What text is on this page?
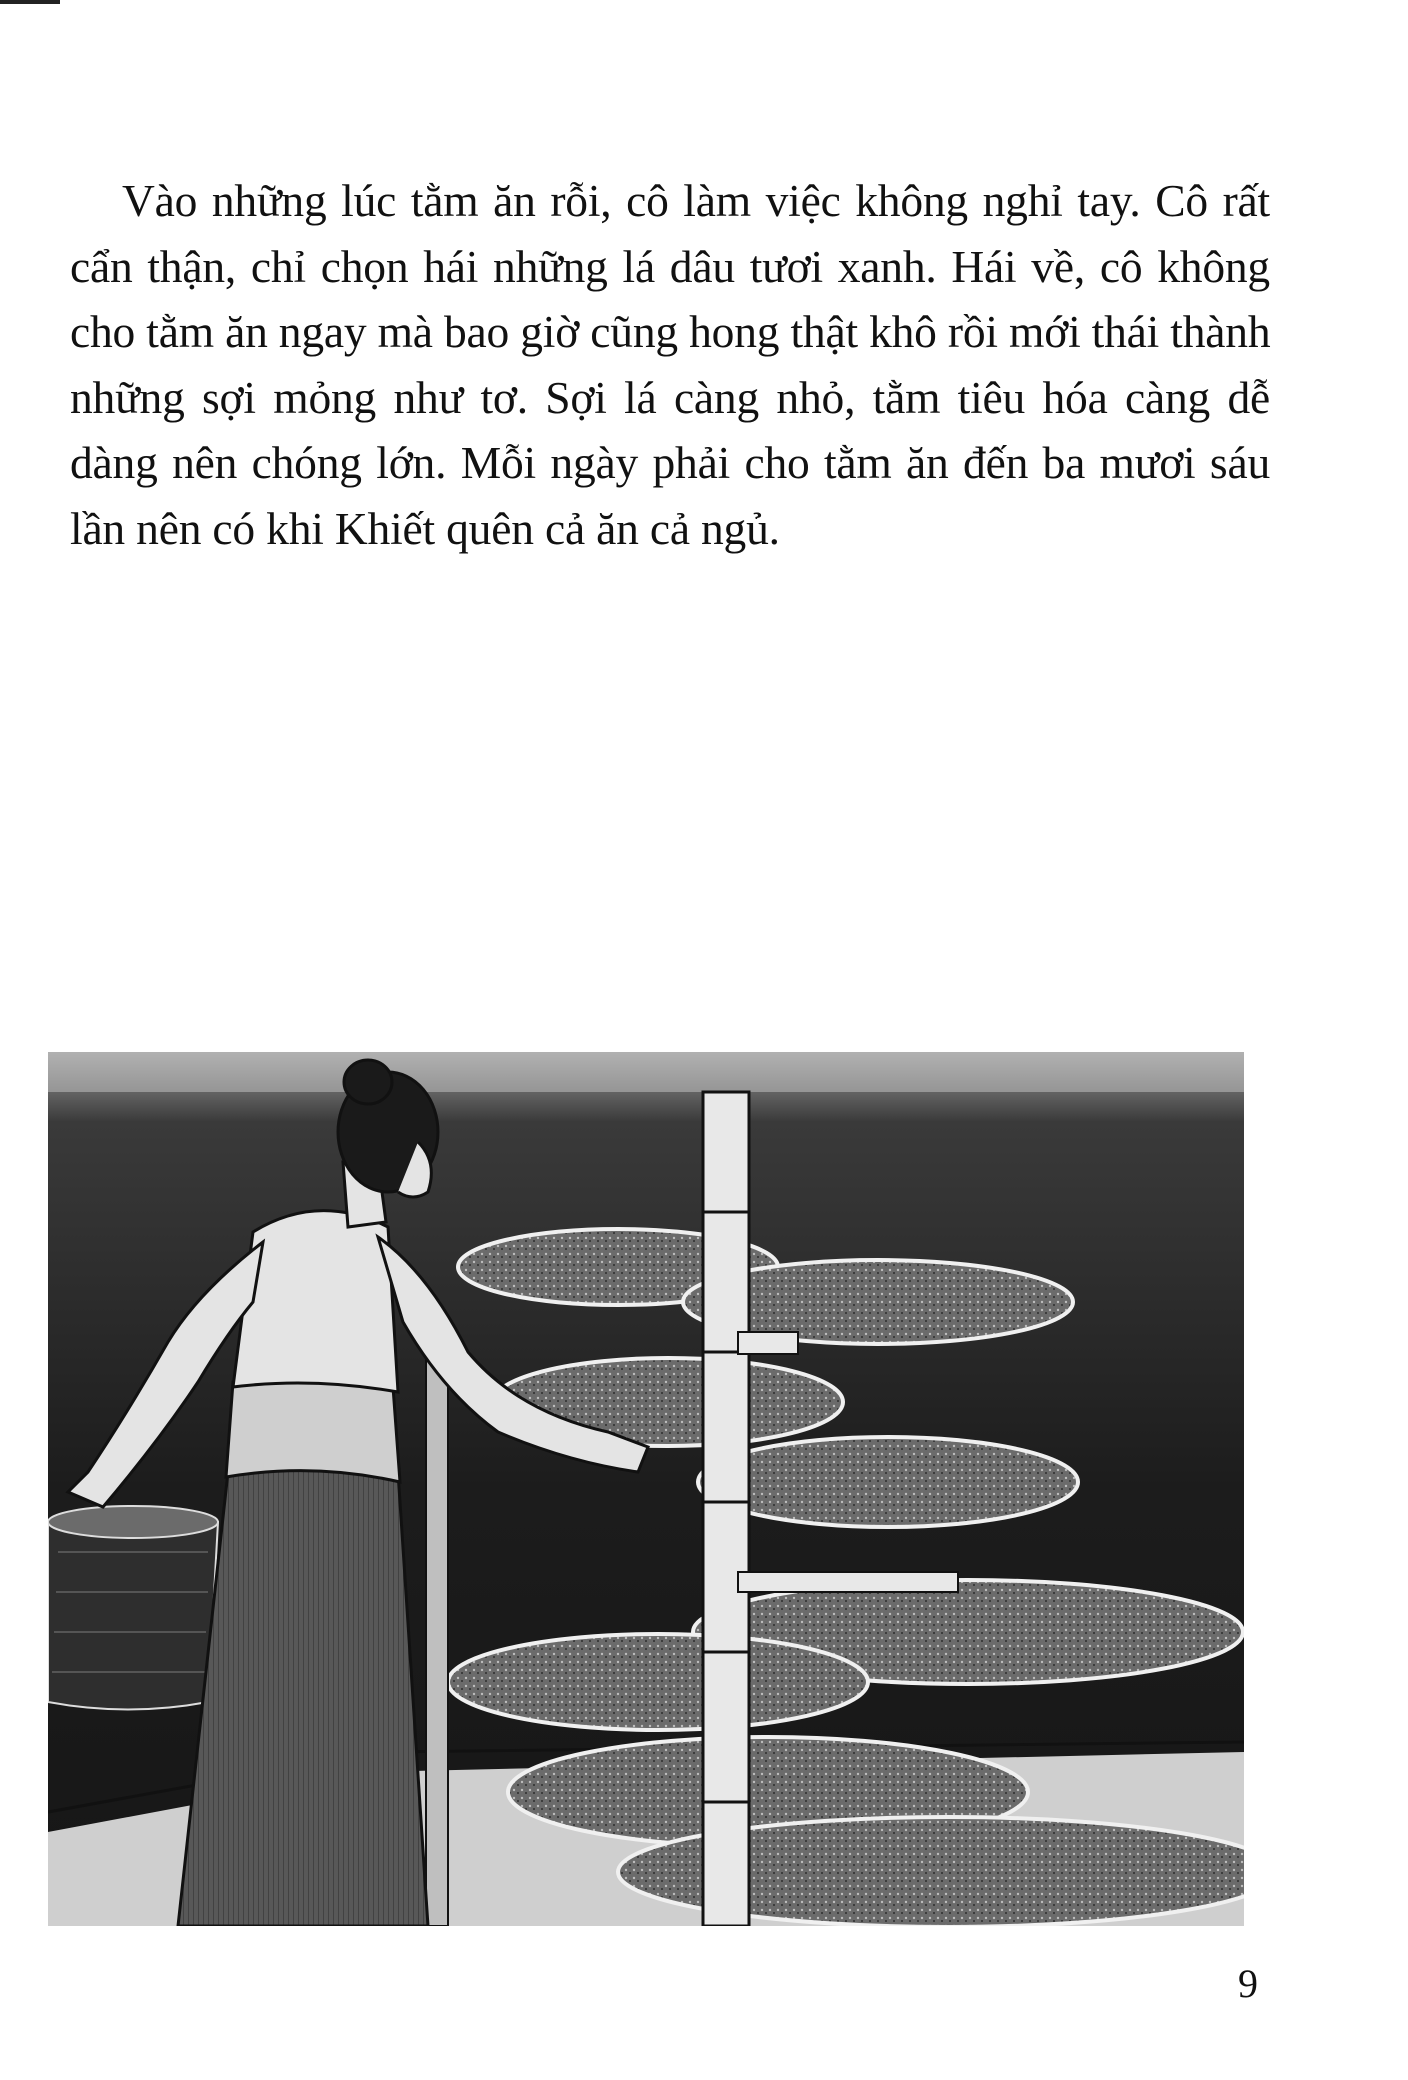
Vào những lúc tằm ăn rỗi, cô làm việc không nghỉ tay. Cô rất
cẩn thận, chỉ chọn hái những lá dâu tươi xanh. Hái về, cô không
cho tằm ăn ngay mà bao giờ cũng hong thật khô rồi mới thái thành
những sợi mỏng như tơ. Sợi lá càng nhỏ, tằm tiêu hóa càng dễ
dàng nên chóng lớn. Mỗi ngày phải cho tằm ăn đến ba mươi sáu
lần nên có khi Khiết quên cả ăn cả ngủ.
9
